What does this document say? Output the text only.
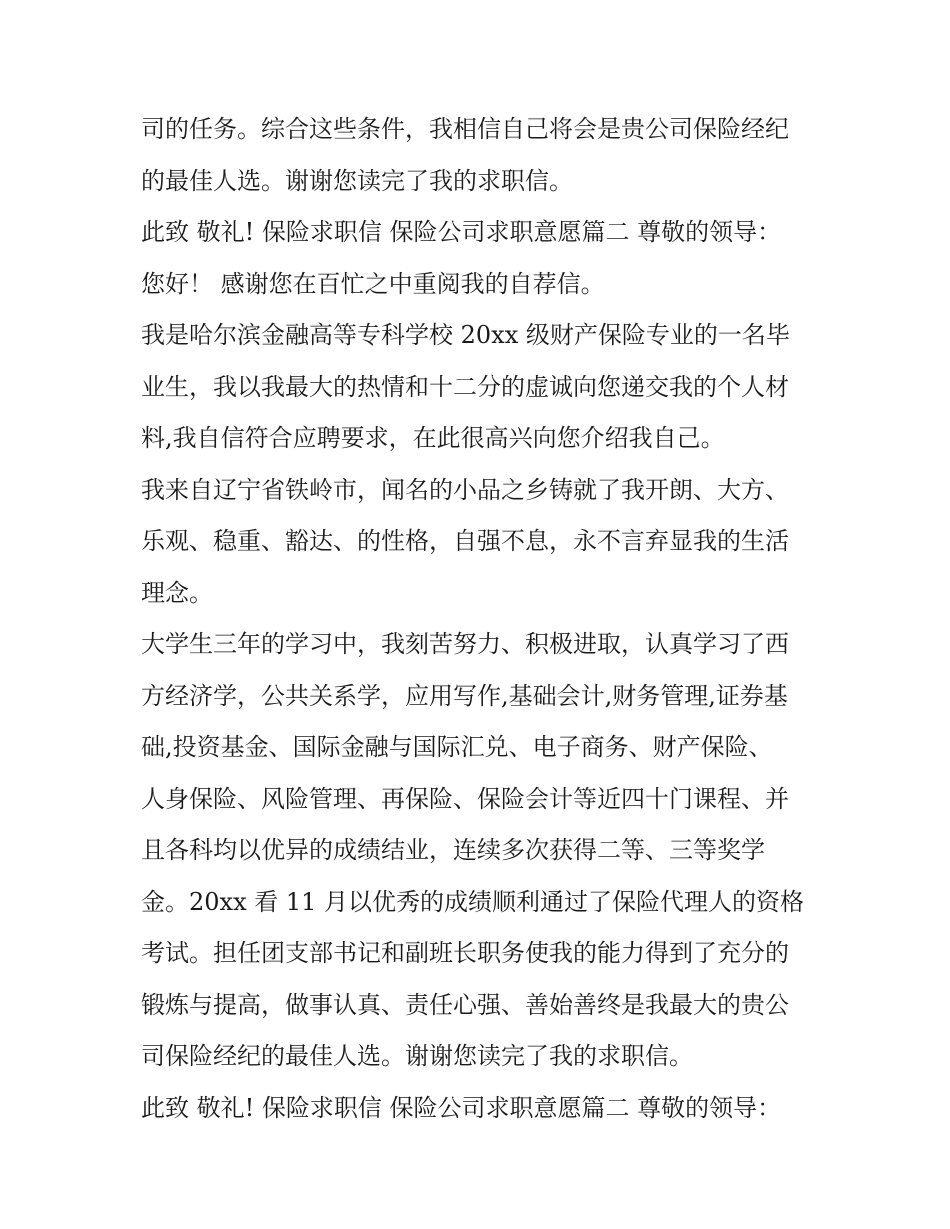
司的任务。综合这些条件，我相信自己将会是贵公司保险经纪
的最佳人选。谢谢您读完了我的求职信。
此致 敬礼! 保险求职信 保险公司求职意愿篇二 尊敬的领导：
您好！ 感谢您在百忙之中重阅我的自荐信。
我是哈尔滨金融高等专科学校 20xx 级财产保险专业的一名毕
业生，我以我最大的热情和十二分的虚诚向您递交我的个人材
料,我自信符合应聘要求，在此很高兴向您介绍我自己。
我来自辽宁省铁岭市，闻名的小品之乡铸就了我开朗、大方、
乐观、稳重、豁达、的性格，自强不息，永不言弃显我的生活
理念。
大学生三年的学习中，我刻苦努力、积极进取，认真学习了西
方经济学，公共关系学，应用写作,基础会计,财务管理,证券基
础,投资基金、国际金融与国际汇兑、电子商务、财产保险、
人身保险、风险管理、再保险、保险会计等近四十门课程、并
且各科均以优异的成绩结业，连续多次获得二等、三等奖学
金。20xx 看 11 月以优秀的成绩顺利通过了保险代理人的资格
考试。担任团支部书记和副班长职务使我的能力得到了充分的
锻炼与提高，做事认真、责任心强、善始善终是我最大的贵公
司保险经纪的最佳人选。谢谢您读完了我的求职信。
此致 敬礼! 保险求职信 保险公司求职意愿篇二 尊敬的领导：
